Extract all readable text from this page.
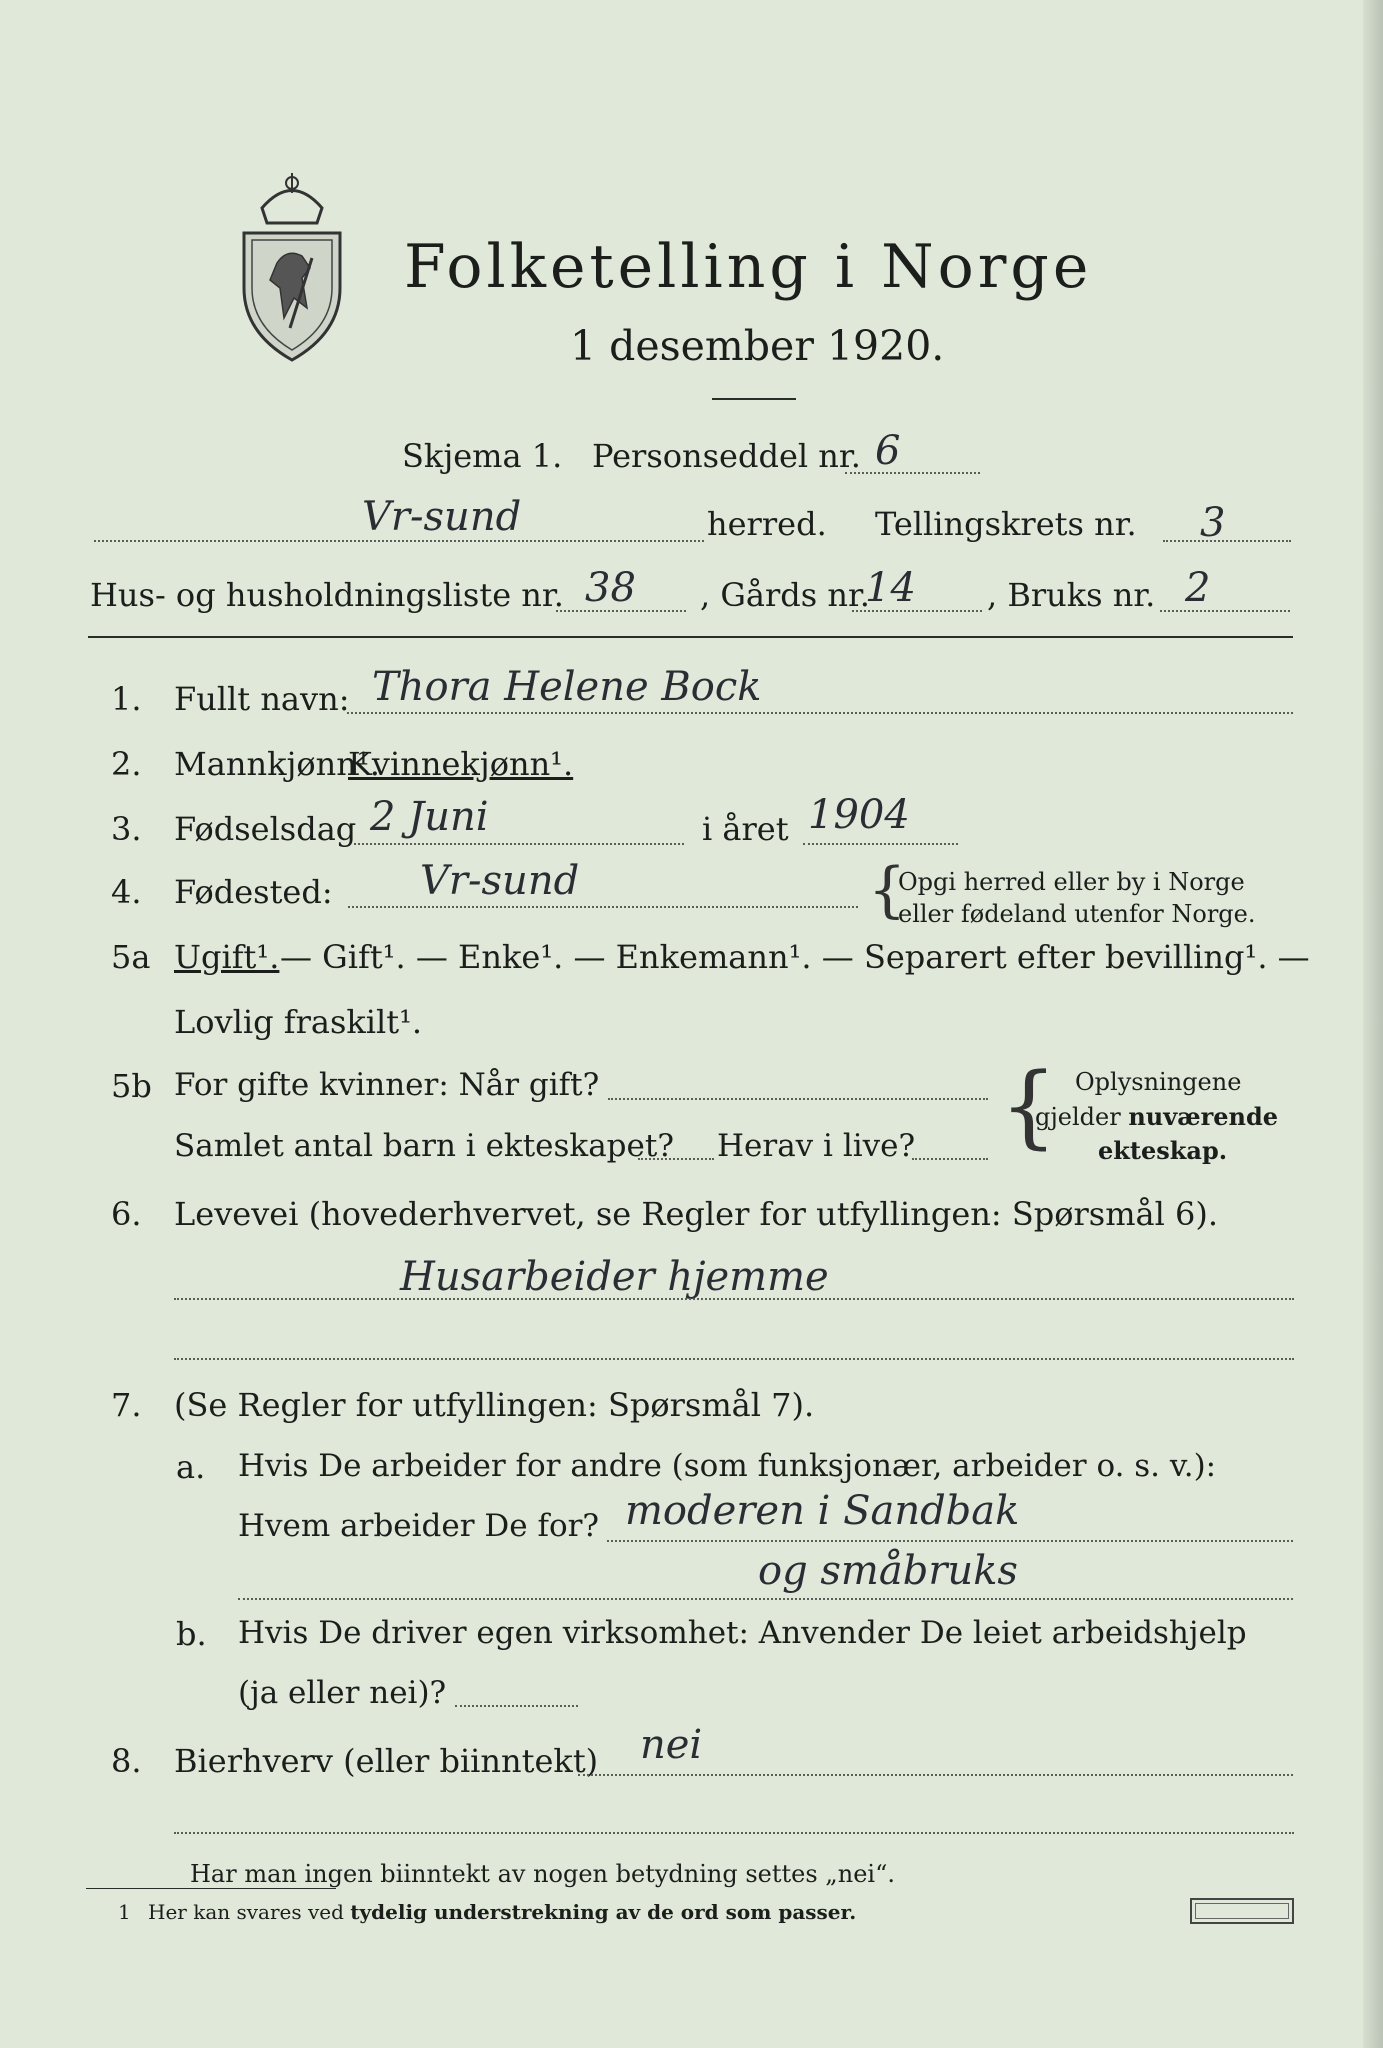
Folketelling i Norge
1 desember 1920.
Skjema 1. Personseddel nr. 6
Vr-sund	herred. Tellingskrets nr. 3
Hus- og husholdningsliste nr. 38 , Gårds nr.
14 , Bruks nr. 2
1. Fullt navn: Thora Helene Bock
2. Mannkjønn¹.
Kvinnekjønn¹.
3. Fødselsdag 2 Juni	i året 1904
4. Fødested: Vr-sund	{
Opgi herred eller by i Norge
eller fødeland utenfor Norge.
5a Ugift¹. — Gift¹. — Enke¹. — Enkemann¹. — Separert efter bevilling¹. —
Lovlig fraskilt¹.
5b For gifte kvinner: Når gift?
Samlet antal barn i ekteskapet? Herav i live? { Oplysningene
gjelder nuværende
ekteskap.
6. Levevei (hovederhvervet, se Regler for utfyllingen: Spørsmål 6).
Husarbeider hjemme
7. (Se Regler for utfyllingen: Spørsmål 7).
a. Hvis De arbeider for andre (som funksjonær, arbeider o. s. v.):
Hvem arbeider De for? moderen i Sandbak
og småbruks
b. Hvis De driver egen virksomhet: Anvender De leiet arbeidshjelp
(ja eller nei)?
8. Bierhverv (eller biinntekt) nei
Har man ingen biinntekt av nogen betydning settes „nei“.
1 Her kan svares ved tydelig understrekning av de ord som passer.
